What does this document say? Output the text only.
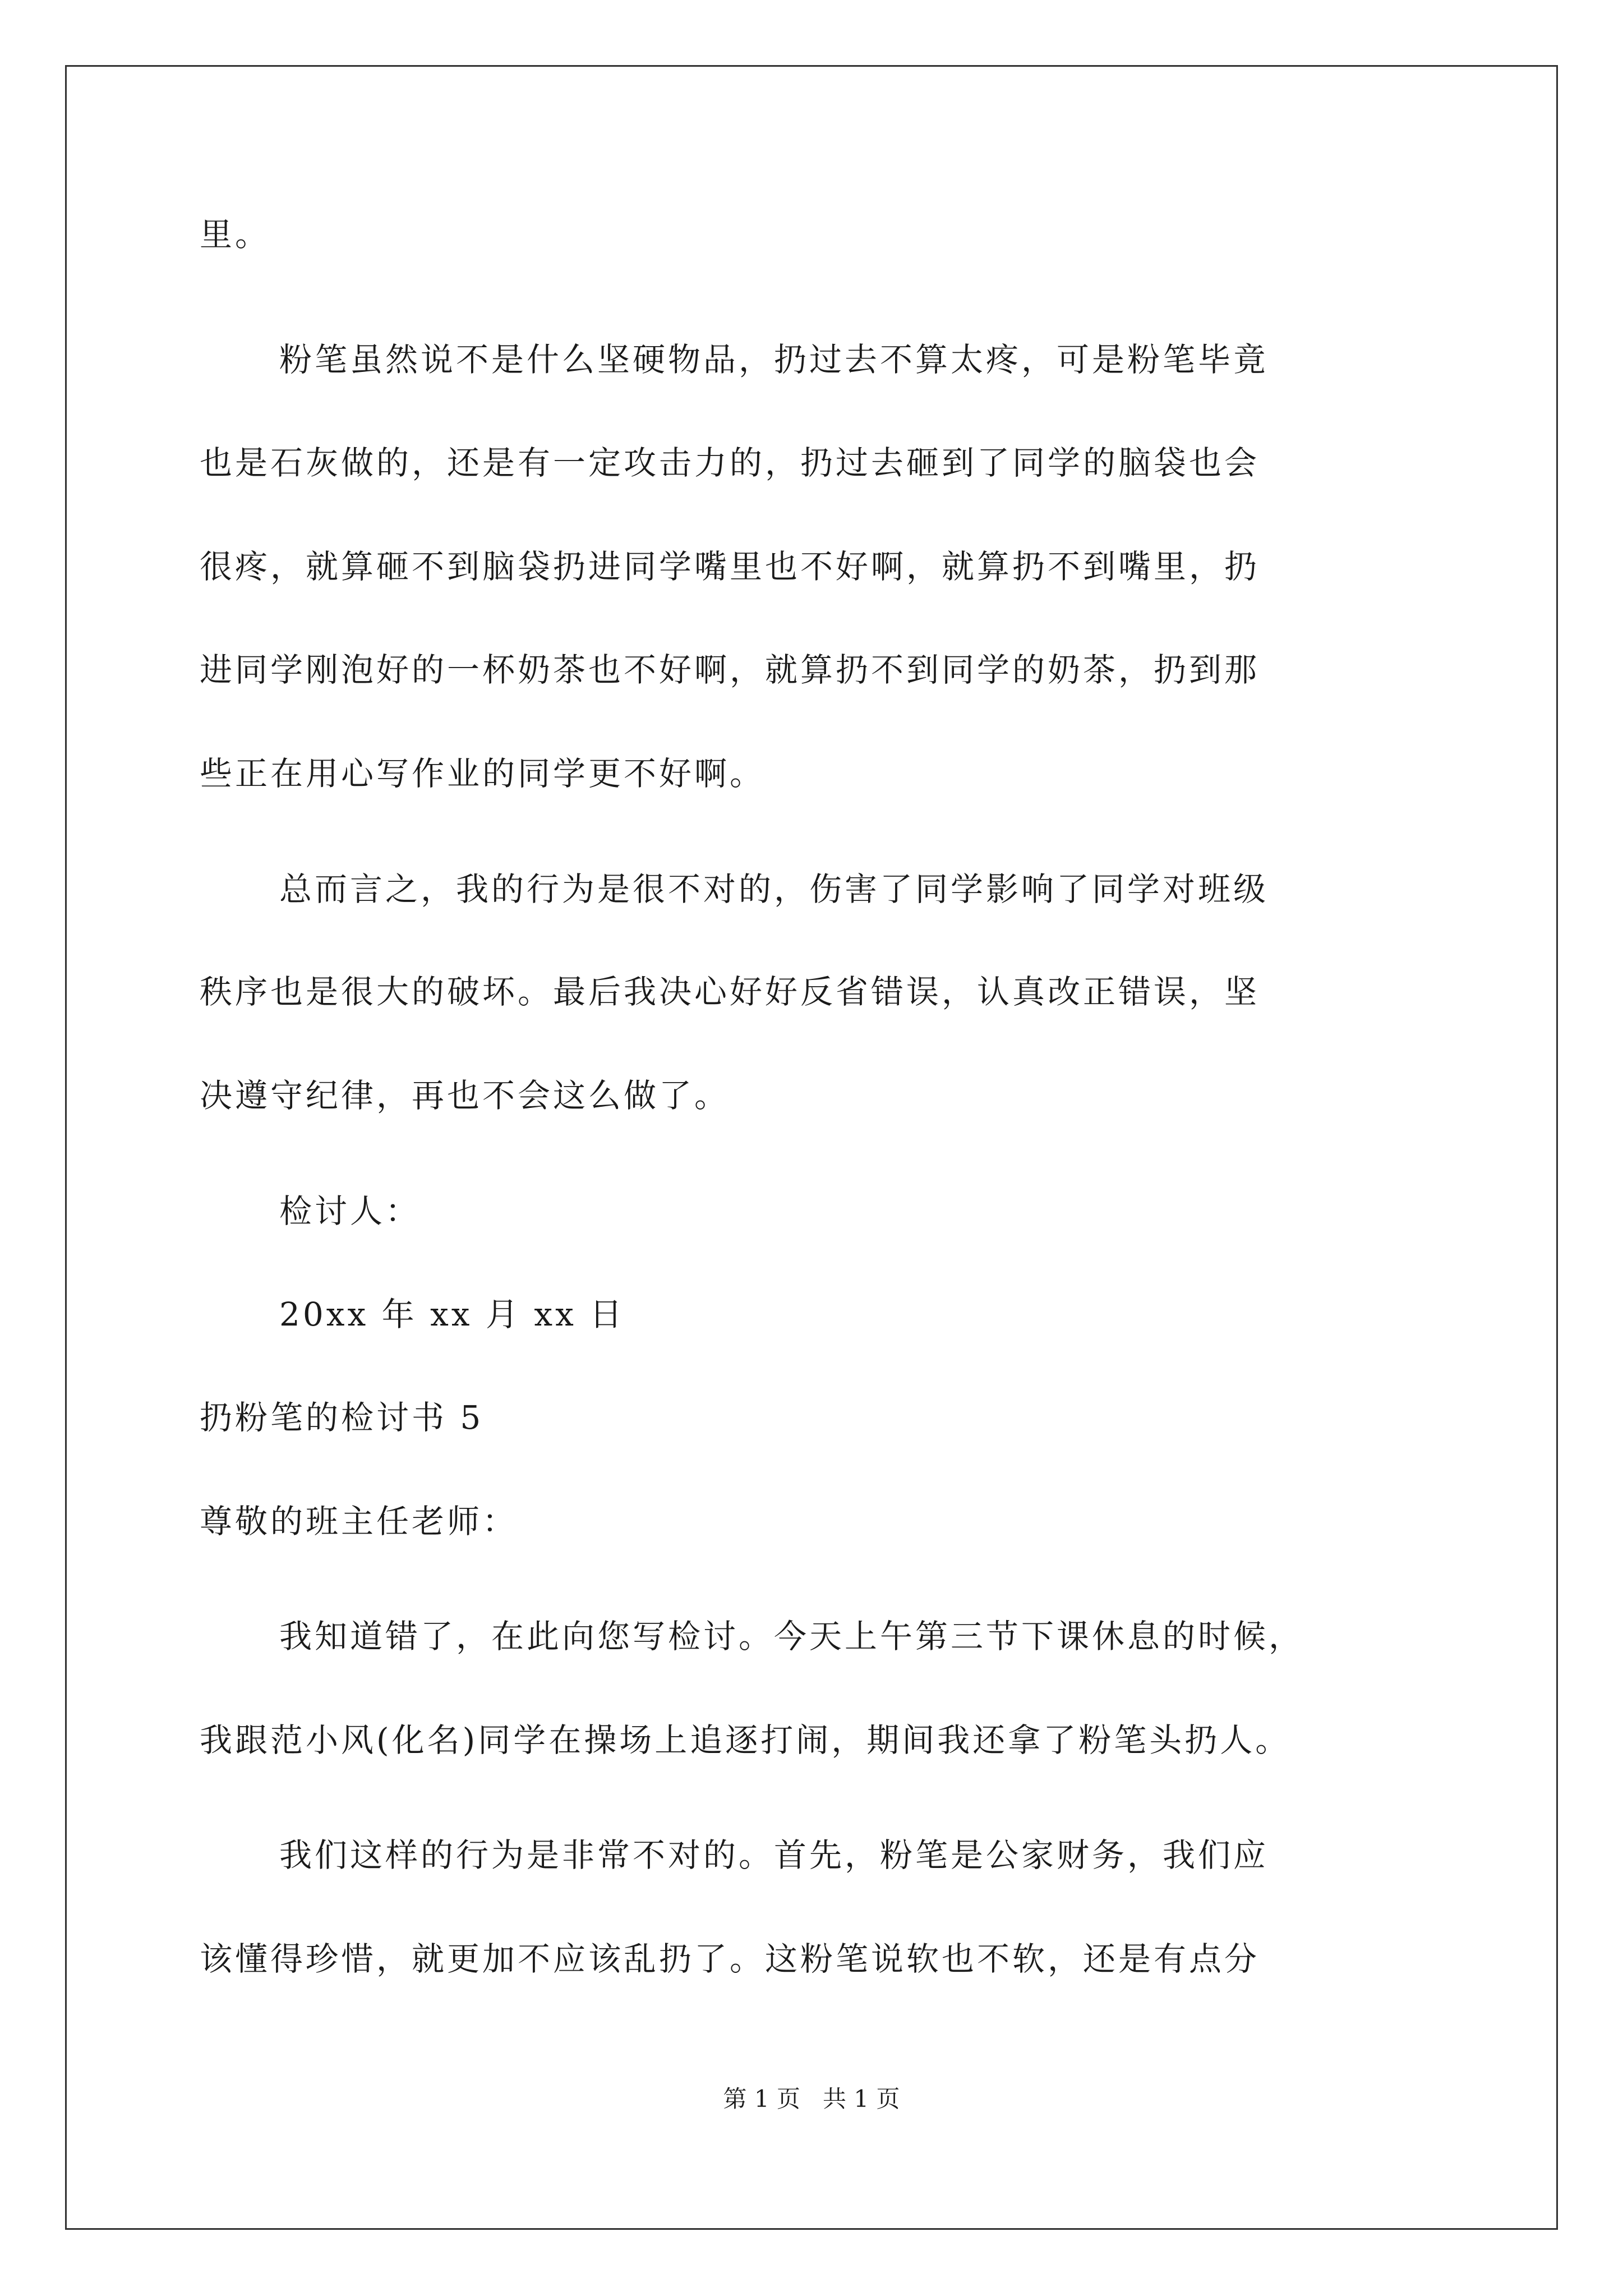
里。

粉笔虽然说不是什么坚硬物品，扔过去不算太疼，可是粉笔毕竟

也是石灰做的，还是有一定攻击力的，扔过去砸到了同学的脑袋也会

很疼，就算砸不到脑袋扔进同学嘴里也不好啊，就算扔不到嘴里，扔

进同学刚泡好的一杯奶茶也不好啊，就算扔不到同学的奶茶，扔到那

些正在用心写作业的同学更不好啊。

总而言之，我的行为是很不对的，伤害了同学影响了同学对班级

秩序也是很大的破坏。最后我决心好好反省错误，认真改正错误，坚

决遵守纪律，再也不会这么做了。

检讨人：

20xx 年 xx 月 xx 日

扔粉笔的检讨书 5

尊敬的班主任老师：

我知道错了，在此向您写检讨。今天上午第三节下课休息的时候，

我跟范小风(化名)同学在操场上追逐打闹，期间我还拿了粉笔头扔人。

我们这样的行为是非常不对的。首先，粉笔是公家财务，我们应

该懂得珍惜，就更加不应该乱扔了。这粉笔说软也不软，还是有点分

第 1 页   共 1 页
